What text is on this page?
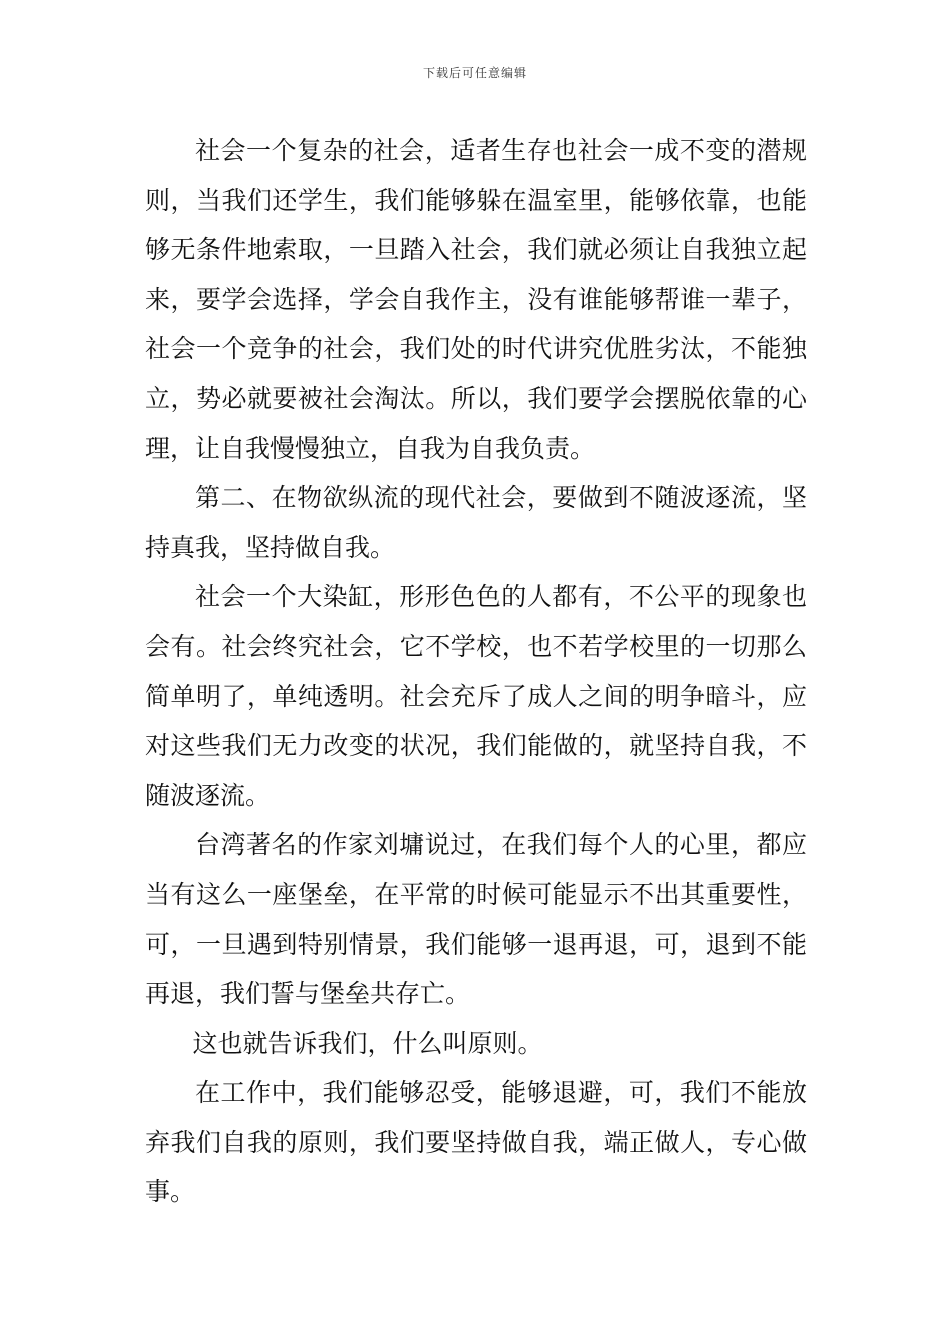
下载后可任意编辑

社会一个复杂的社会，适者生存也社会一成不变的潜规则，当我们还学生，我们能够躲在温室里，能够依靠，也能够无条件地索取，一旦踏入社会，我们就必须让自我独立起来，要学会选择，学会自我作主，没有谁能够帮谁一辈子，社会一个竞争的社会，我们处的时代讲究优胜劣汰，不能独立，势必就要被社会淘汰。所以，我们要学会摆脱依靠的心理，让自我慢慢独立，自我为自我负责。

第二、在物欲纵流的现代社会，要做到不随波逐流，坚持真我，坚持做自我。

社会一个大染缸，形形色色的人都有，不公平的现象也会有。社会终究社会，它不学校，也不若学校里的一切那么简单明了，单纯透明。社会充斥了成人之间的明争暗斗，应对这些我们无力改变的状况，我们能做的，就坚持自我，不随波逐流。

台湾著名的作家刘墉说过，在我们每个人的心里，都应当有这么一座堡垒，在平常的时候可能显示不出其重要性，可，一旦遇到特别情景，我们能够一退再退，可，退到不能再退，我们誓与堡垒共存亡。

这也就告诉我们，什么叫原则。

在工作中，我们能够忍受，能够退避，可，我们不能放弃我们自我的原则，我们要坚持做自我，端正做人，专心做事。
